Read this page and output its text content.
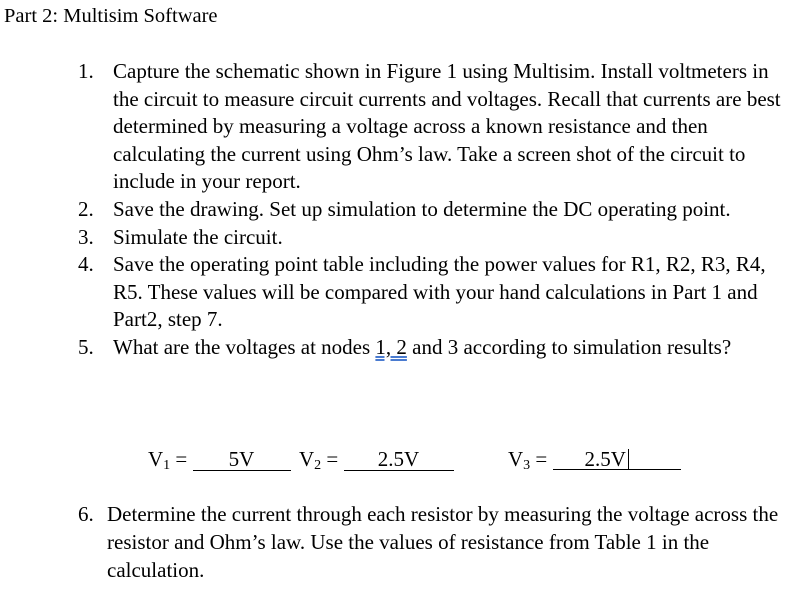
Part 2: Multisim Software
1. Capture the schematic shown in Figure 1 using Multisim. Install voltmeters in the circuit to measure circuit currents and voltages. Recall that currents are best determined by measuring a voltage across a known resistance and then calculating the current using Ohm’s law. Take a screen shot of the circuit to include in your report.
2. Save the drawing. Set up simulation to determine the DC operating point.
3. Simulate the circuit.
4. Save the operating point table including the power values for R1, R2, R3, R4, R5. These values will be compared with your hand calculations in Part 1 and Part2, step 7.
5. What are the voltages at nodes 1, 2 and 3 according to simulation results?
$V_1 = 5V$	$V_2 = 2.5V$	$V_3 = 2.5V$
6. Determine the current through each resistor by measuring the voltage across the resistor and Ohm’s law. Use the values of resistance from Table 1 in the calculation.
